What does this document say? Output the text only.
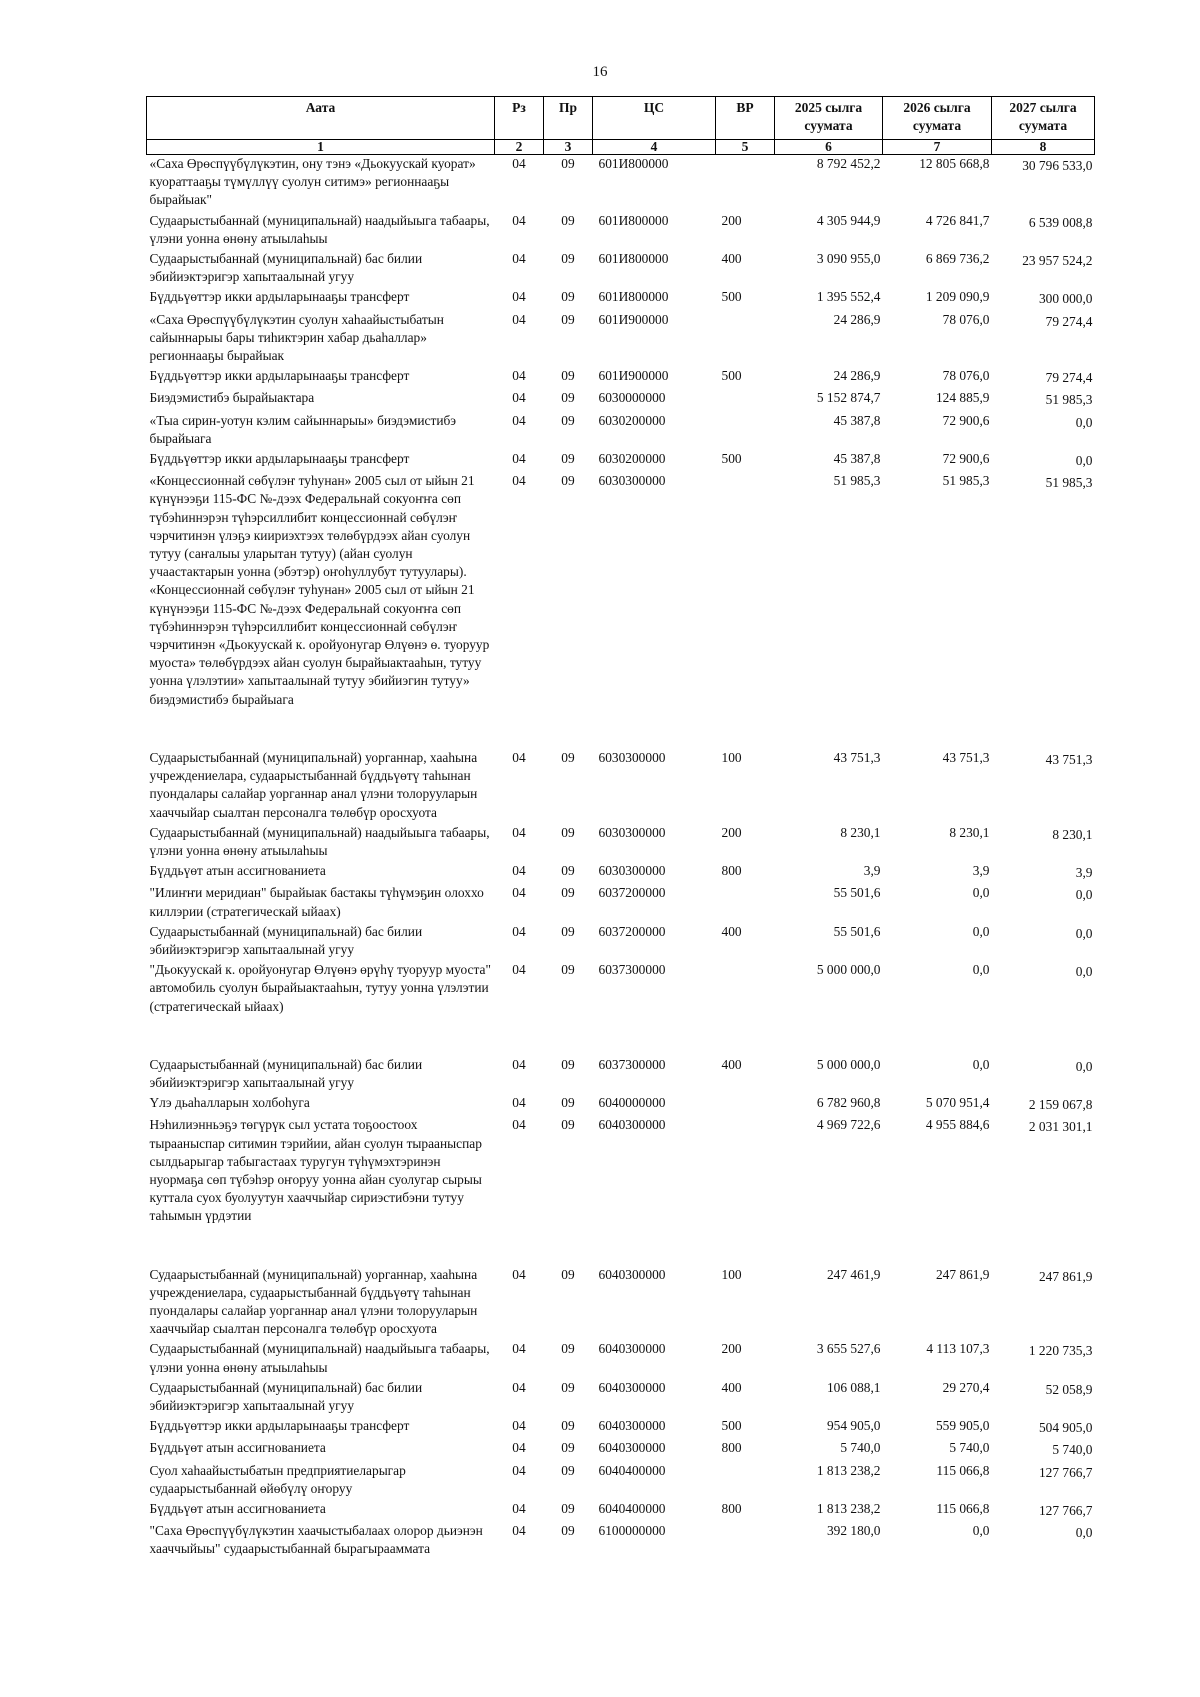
16
Аата	Рз	Пр	ЦС	ВР	2025 сылга суумата	2026 сылга суумата	2027 сылга суумата
1	2	3	4	5	6	7	8
«Саха Өрөспүүбүлүкэтин, ону тэнэ «Дьокуускай куорат» куораттааҕы түмүллүү суолун ситимэ» регионнааҕы бырайыак"	04	09	601И800000		8 792 452,2	12 805 668,8	30 796 533,0
Судаарыстыбаннай (муниципальнай) наадыйыыга табаары, үлэни уонна өнөну атыылаһыы	04	09	601И800000	200	4 305 944,9	4 726 841,7	6 539 008,8
Судаарыстыбаннай (муниципальнай) бас билии эбийиэктэригэр хапытаалынай угуу	04	09	601И800000	400	3 090 955,0	6 869 736,2	23 957 524,2
Бүддьүөттэр икки ардыларынааҕы трансферт	04	09	601И800000	500	1 395 552,4	1 209 090,9	300 000,0
«Саха Өрөспүүбүлүкэтин суолун хаһаайыстыбатын сайыннарыы бары тиһиктэрин хабар дьаһаллар» регионнааҕы бырайыак	04	09	601И900000		24 286,9	78 076,0	79 274,4
Бүддьүөттэр икки ардыларынааҕы трансферт	04	09	601И900000	500	24 286,9	78 076,0	79 274,4
Биэдэмистибэ бырайыактара	04	09	6030000000		5 152 874,7	124 885,9	51 985,3
«Тыа сирин-уотун кэлим сайыннарыы» биэдэмистибэ бырайыага	04	09	6030200000		45 387,8	72 900,6	0,0
Бүддьүөттэр икки ардыларынааҕы трансферт	04	09	6030200000	500	45 387,8	72 900,6	0,0
«Концессионнай сөбүлэҥ туһунан» 2005 сыл от ыйын 21 күнүнээҕи 115-ФС №-дээх Федеральнай сокуоҥҥа сөп түбэһиннэрэн түһэрсиллибит концессионнай сөбүлэҥ чэрчитинэн үлэҕэ киириэхтээх төлөбүрдээх айан суолун тутуу (саҥалыы уларытан тутуу) (айан суолун учаастактарын уонна (эбэтэр) оҥоһуллубут тутуулары). «Концессионнай сөбүлэҥ туһунан» 2005 сыл от ыйын 21 күнүнээҕи 115-ФС №-дээх Федеральнай сокуоҥҥа сөп түбэһиннэрэн түһэрсиллибит концессионнай сөбүлэҥ чэрчитинэн «Дьокуускай к. оройуонугар Өлүөнэ ө. туоруур муоста» төлөбүрдээх айан суолун бырайыактааһын, тутуу уонна үлэлэтии» хапытаалынай тутуу эбийиэгин тутуу» биэдэмистибэ бырайыага	04	09	6030300000		51 985,3	51 985,3	51 985,3

Судаарыстыбаннай (муниципальнай) уорганнар, хааһына учреждениелара, судаарыстыбаннай бүддьүөтү таһынан пуондалары салайар уорганнар анал үлэни толорууларын хааччыйар сыалтан персоналга төлөбүр оросхуота	04	09	6030300000	100	43 751,3	43 751,3	43 751,3
Судаарыстыбаннай (муниципальнай) наадыйыыга табаары, үлэни уонна өнөну атыылаһыы	04	09	6030300000	200	8 230,1	8 230,1	8 230,1
Бүддьүөт атын ассигнованиета	04	09	6030300000	800	3,9	3,9	3,9
"Илиҥҥи меридиан" бырайыак бастакы түһүмэҕин олоххо киллэрии (стратегическай ыйаах)	04	09	6037200000		55 501,6	0,0	0,0
Судаарыстыбаннай (муниципальнай) бас билии эбийиэктэригэр хапытаалынай угуу	04	09	6037200000	400	55 501,6	0,0	0,0
"Дьокуускай к. оройуонугар Өлүөнэ өрүһү туоруур муоста" автомобиль суолун бырайыактааһын, тутуу уонна үлэлэтии (стратегическай ыйаах)	04	09	6037300000		5 000 000,0	0,0	0,0

Судаарыстыбаннай (муниципальнай) бас билии эбийиэктэригэр хапытаалынай угуу	04	09	6037300000	400	5 000 000,0	0,0	0,0
Үлэ дьаһалларын холбоһуга	04	09	6040000000		6 782 960,8	5 070 951,4	2 159 067,8
Нэһилиэнньэҕэ төгүрүк сыл устата тоҕоостоох тырааныспар ситимин тэрийии, айан суолун тырааныспар сылдьарыгар табыгастаах туругун түһүмэхтэринэн нуормаҕа сөп түбэһэр оҥоруу уонна айан суолугар сырыы куттала суох буолуутун хааччыйар сириэстибэни тутуу таһымын үрдэтии	04	09	6040300000		4 969 722,6	4 955 884,6	2 031 301,1

Судаарыстыбаннай (муниципальнай) уорганнар, хааһына учреждениелара, судаарыстыбаннай бүддьүөтү таһынан пуондалары салайар уорганнар анал үлэни толорууларын хааччыйар сыалтан персоналга төлөбүр оросхуота	04	09	6040300000	100	247 461,9	247 861,9	247 861,9
Судаарыстыбаннай (муниципальнай) наадыйыыга табаары, үлэни уонна өнөну атыылаһыы	04	09	6040300000	200	3 655 527,6	4 113 107,3	1 220 735,3
Судаарыстыбаннай (муниципальнай) бас билии эбийиэктэригэр хапытаалынай угуу	04	09	6040300000	400	106 088,1	29 270,4	52 058,9
Бүддьүөттэр икки ардыларынааҕы трансферт	04	09	6040300000	500	954 905,0	559 905,0	504 905,0
Бүддьүөт атын ассигнованиета	04	09	6040300000	800	5 740,0	5 740,0	5 740,0
Суол хаһаайыстыбатын предприятиеларыгар судаарыстыбаннай өйөбүлү оҥоруу	04	09	6040400000		1 813 238,2	115 066,8	127 766,7
Бүддьүөт атын ассигнованиета	04	09	6040400000	800	1 813 238,2	115 066,8	127 766,7
"Саха Өрөспүүбүлүкэтин хаачыстыбалаах олорор дьиэнэн хааччыйыы" судаарыстыбаннай бырагырааммата	04	09	6100000000		392 180,0	0,0	0,0
